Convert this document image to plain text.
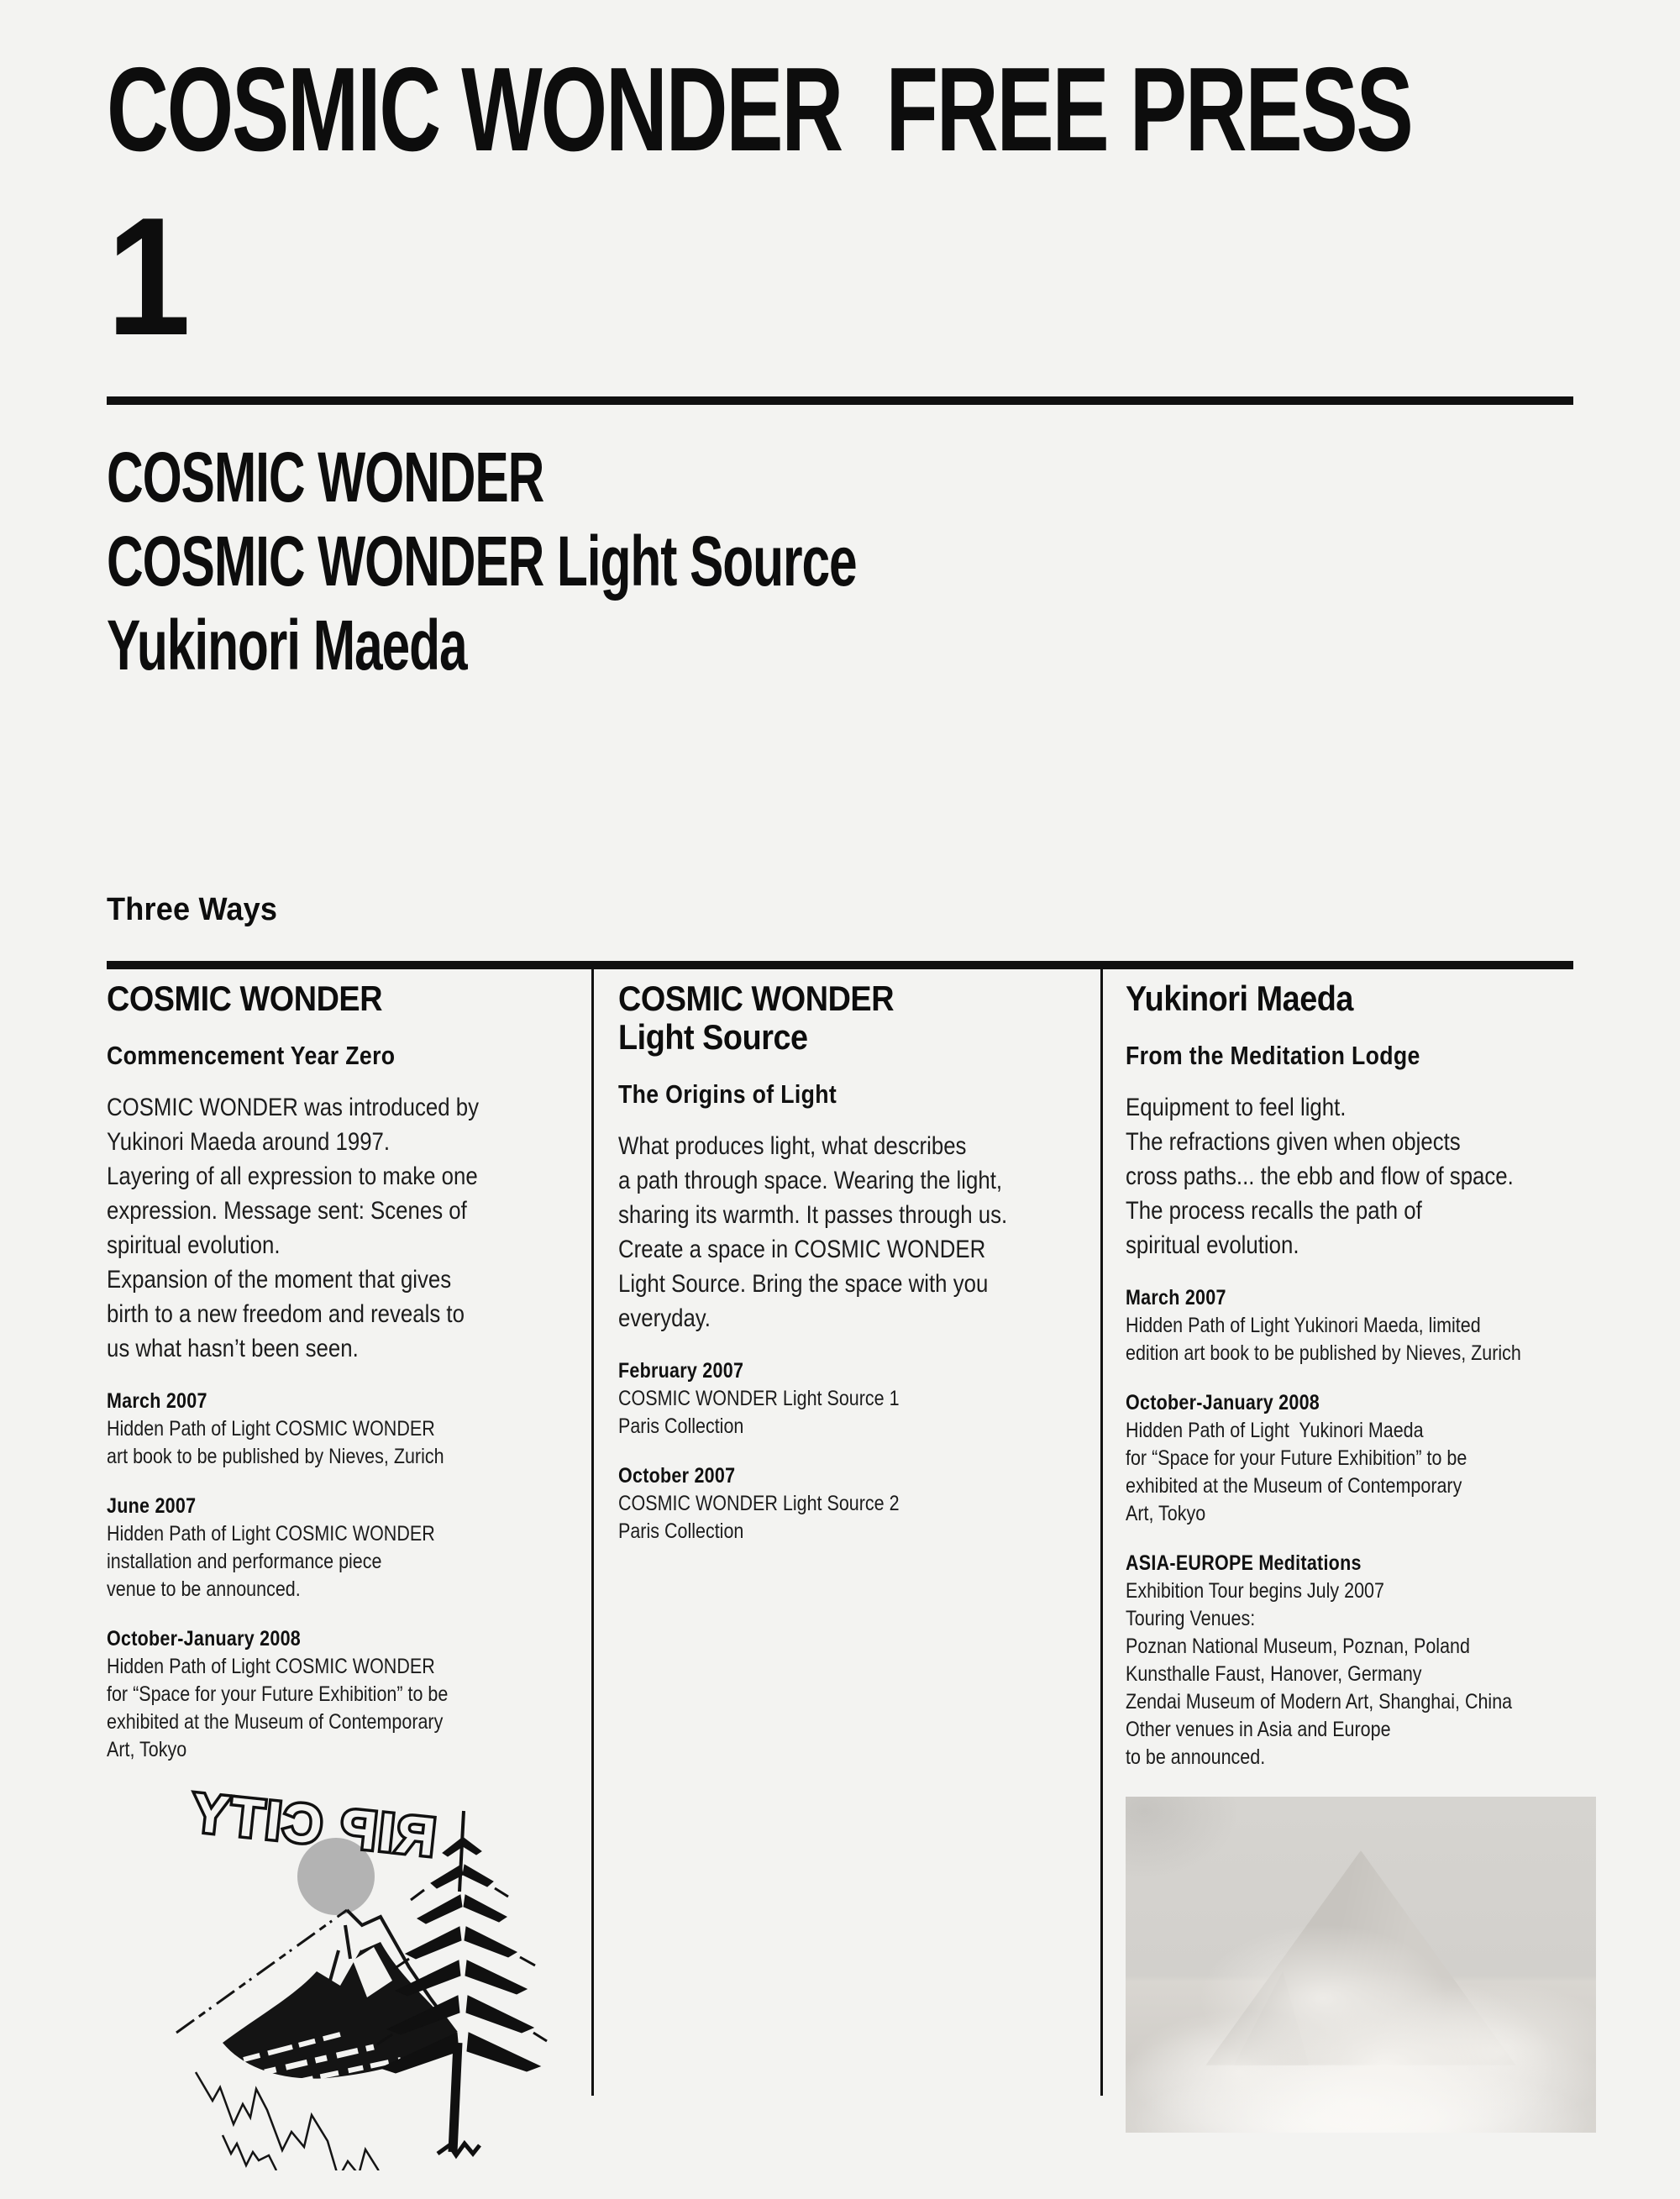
COSMIC WONDER  FREE PRESS
1
COSMIC WONDER
COSMIC WONDER Light Source
Yukinori Maeda
Three Ways
COSMIC WONDER
Commencement Year Zero
COSMIC WONDER was introduced by
Yukinori Maeda around 1997.
Layering of all expression to make one
expression. Message sent: Scenes of
spiritual evolution.
Expansion of the moment that gives
birth to a new freedom and reveals to
us what hasn’t been seen.
March 2007
Hidden Path of Light COSMIC WONDER
art book to be published by Nieves, Zurich
June 2007
Hidden Path of Light COSMIC WONDER
installation and performance piece
venue to be announced.
October-January 2008
Hidden Path of Light COSMIC WONDER
for “Space for your Future Exhibition” to be
exhibited at the Museum of Contemporary
Art, Tokyo
RIP CITY
COSMIC WONDER
Light Source
The Origins of Light
What produces light, what describes
a path through space. Wearing the light,
sharing its warmth. It passes through us.
Create a space in COSMIC WONDER
Light Source. Bring the space with you
everyday.
February 2007
COSMIC WONDER Light Source 1
Paris Collection
October 2007
COSMIC WONDER Light Source 2
Paris Collection
Yukinori Maeda
From the Meditation Lodge
Equipment to feel light.
The refractions given when objects
cross paths... the ebb and flow of space.
The process recalls the path of
spiritual evolution.
March 2007
Hidden Path of Light Yukinori Maeda, limited
edition art book to be published by Nieves, Zurich
October-January 2008
Hidden Path of Light  Yukinori Maeda
for “Space for your Future Exhibition” to be
exhibited at the Museum of Contemporary
Art, Tokyo
ASIA-EUROPE Meditations
Exhibition Tour begins July 2007
Touring Venues:
Poznan National Museum, Poznan, Poland
Kunsthalle Faust, Hanover, Germany
Zendai Museum of Modern Art, Shanghai, China
Other venues in Asia and Europe
to be announced.
